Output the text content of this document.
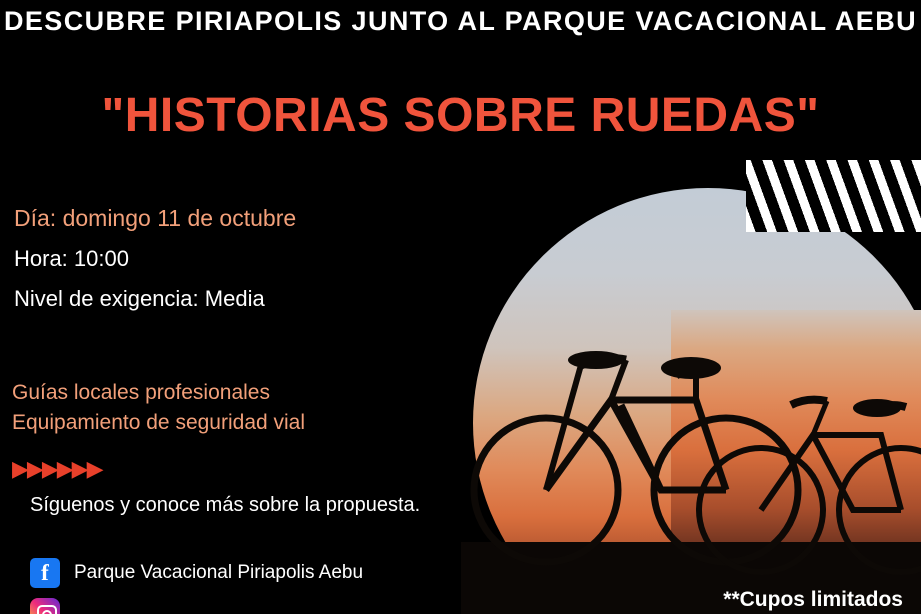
DESCUBRE PIRIAPOLIS JUNTO AL PARQUE VACACIONAL AEBU
"HISTORIAS SOBRE RUEDAS"
Día: domingo 11 de octubre
Hora: 10:00
Nivel de exigencia: Media
Guías locales profesionales
Equipamiento de seguridad vial
▶▶▶▶▶▶
Síguenos y conoce más sobre la propuesta.
f	Parque Vacacional Piriapolis Aebu
**Cupos limitados
